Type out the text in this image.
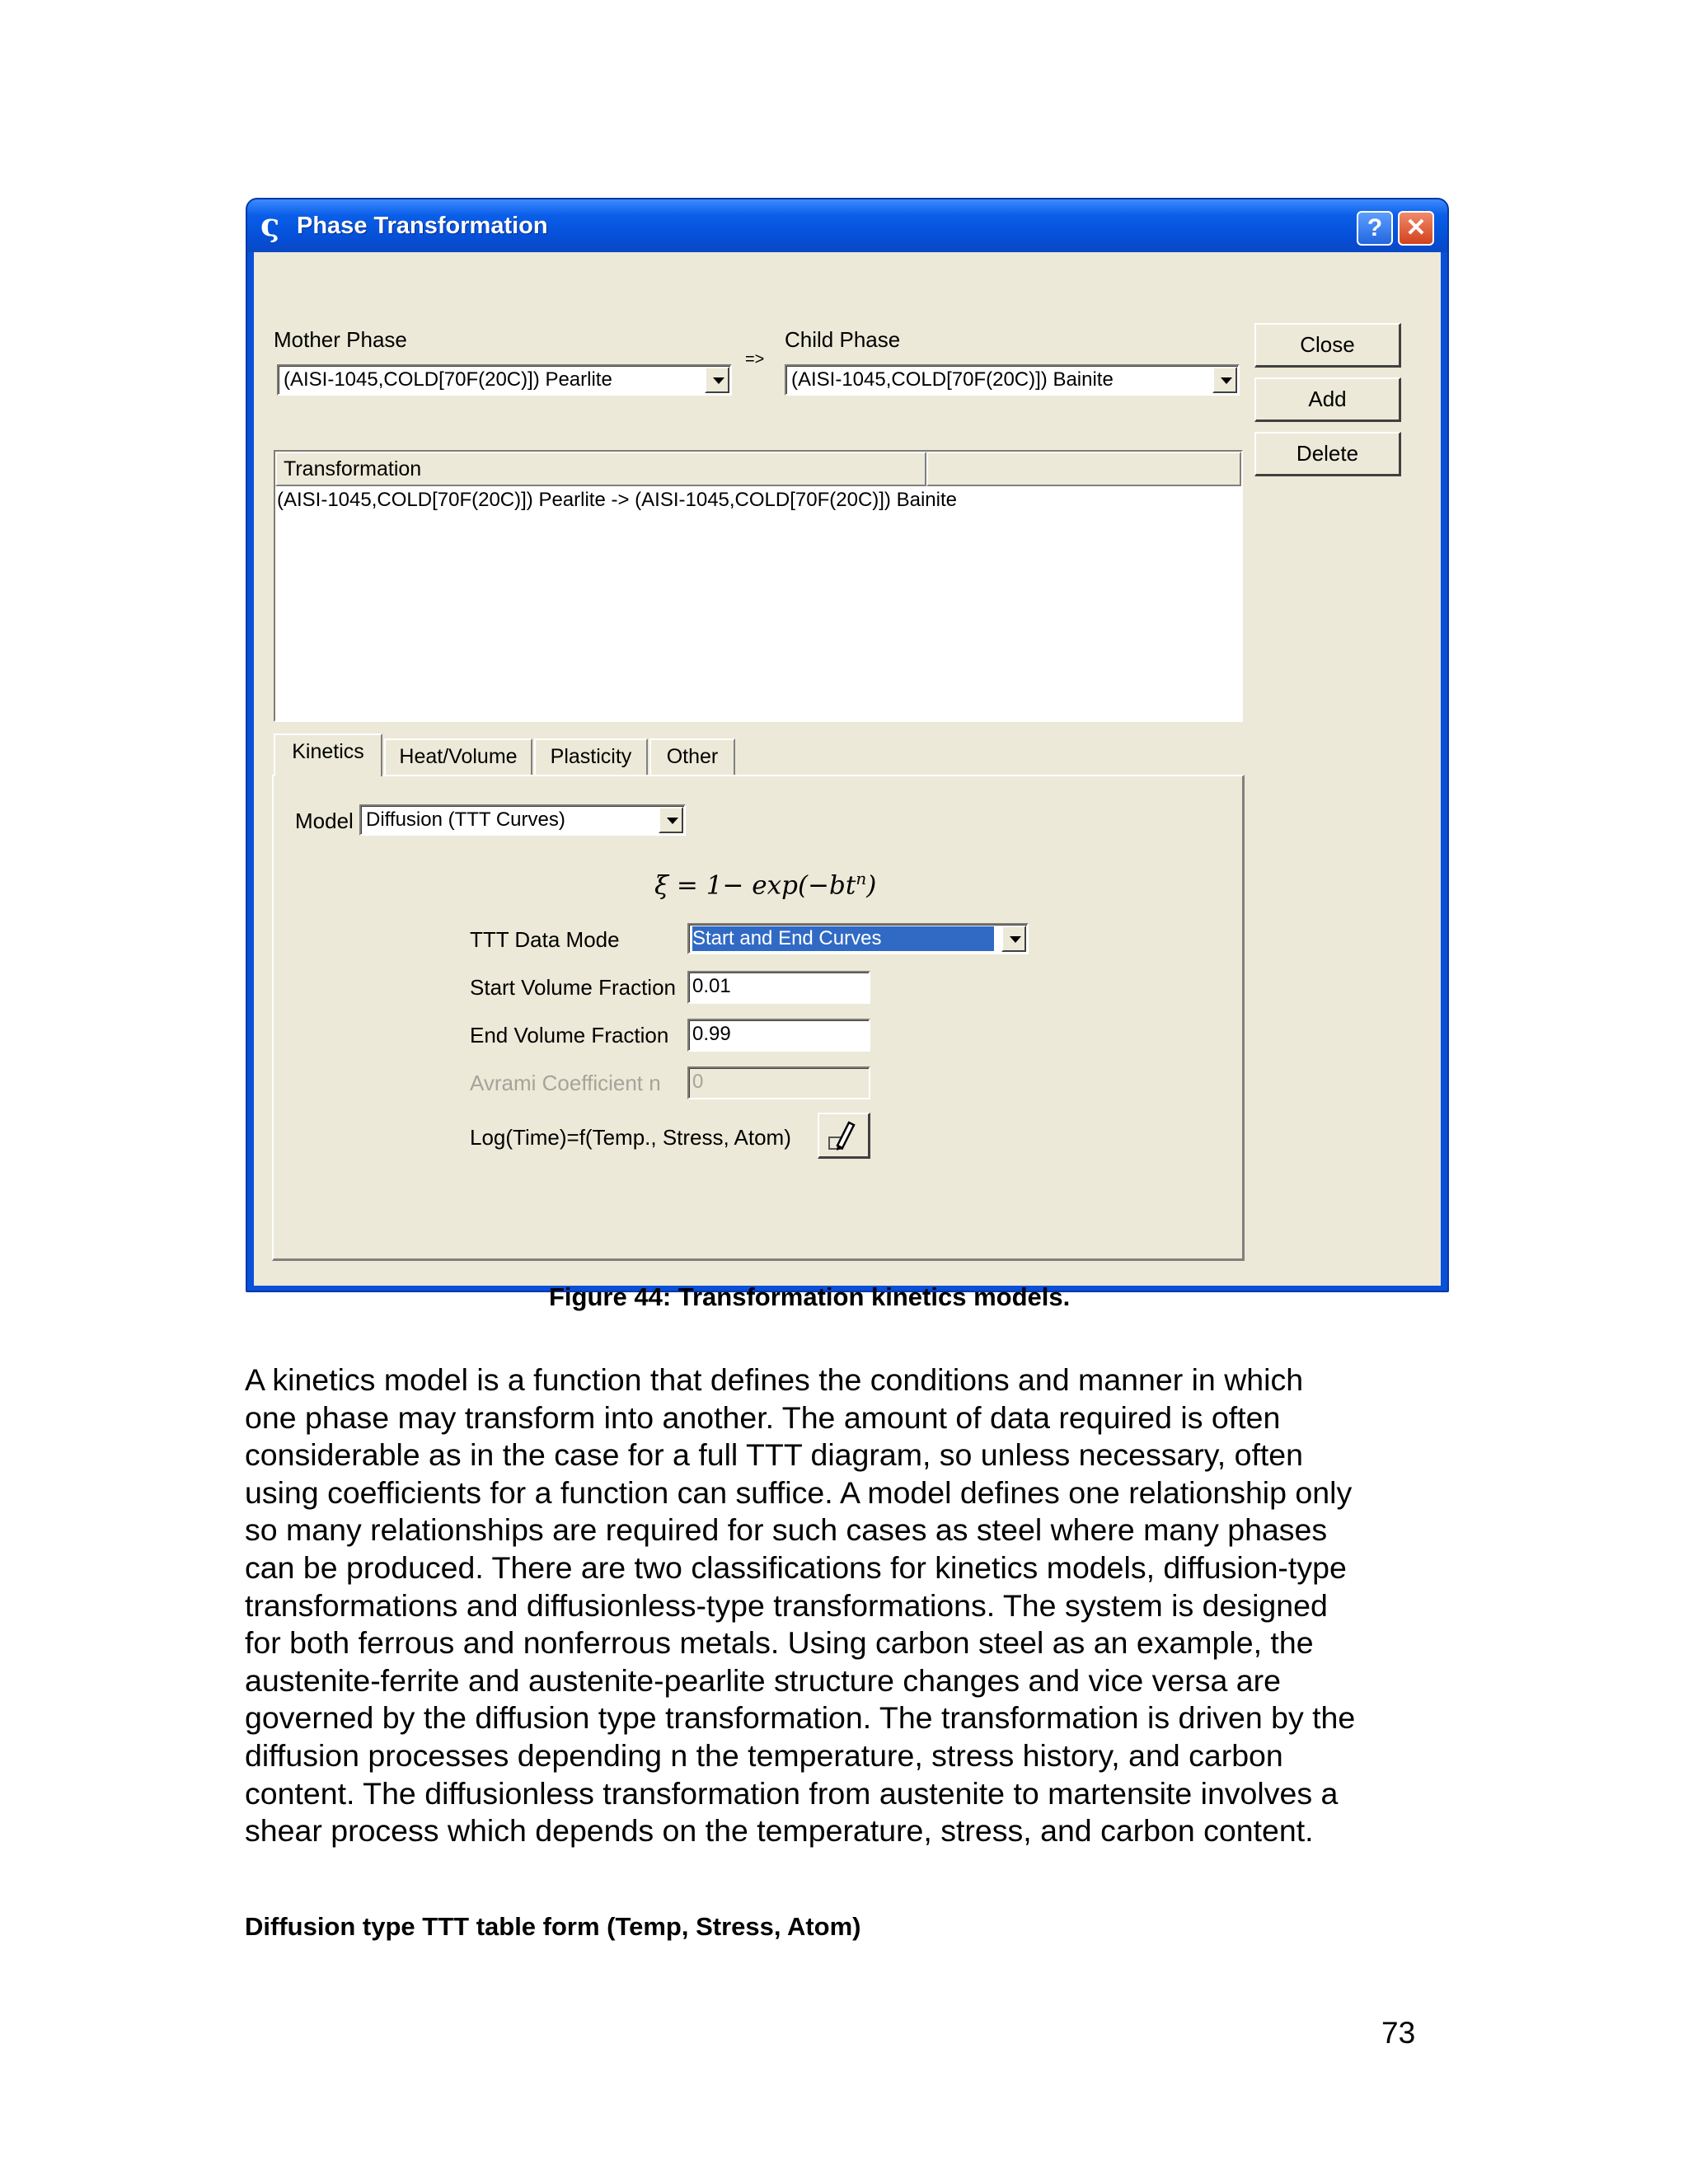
ς Phase Transformation	? ✕
Mother Phase
(AISI-1045,COLD[70F(20C)]) Pearlite
=>
Child Phase
(AISI-1045,COLD[70F(20C)]) Bainite
Close
Add
Delete
Transformation
(AISI-1045,COLD[70F(20C)]) Pearlite -> (AISI-1045,COLD[70F(20C)]) Bainite
Kinetics	Heat/Volume	Plasticity	Other
Model Diffusion (TTT Curves)
$\xi = 1- \exp(-bt^n)$
TTT Data Mode	Start and End Curves
Start Volume Fraction 0.01
End Volume Fraction 0.99
Avrami Coefficient n 0
Log(Time)=f(Temp., Stress, Atom)
Figure 44: Transformation kinetics models.
A kinetics model is a function that defines the conditions and manner in which
one phase may transform into another. The amount of data required is often
considerable as in the case for a full TTT diagram, so unless necessary, often
using coefficients for a function can suffice. A model defines one relationship only
so many relationships are required for such cases as steel where many phases
can be produced. There are two classifications for kinetics models, diffusion-type
transformations and diffusionless-type transformations. The system is designed
for both ferrous and nonferrous metals. Using carbon steel as an example, the
austenite-ferrite and austenite-pearlite structure changes and vice versa are
governed by the diffusion type transformation. The transformation is driven by the
diffusion processes depending n the temperature, stress history, and carbon
content. The diffusionless transformation from austenite to martensite involves a
shear process which depends on the temperature, stress, and carbon content.
Diffusion type TTT table form (Temp, Stress, Atom)
73
